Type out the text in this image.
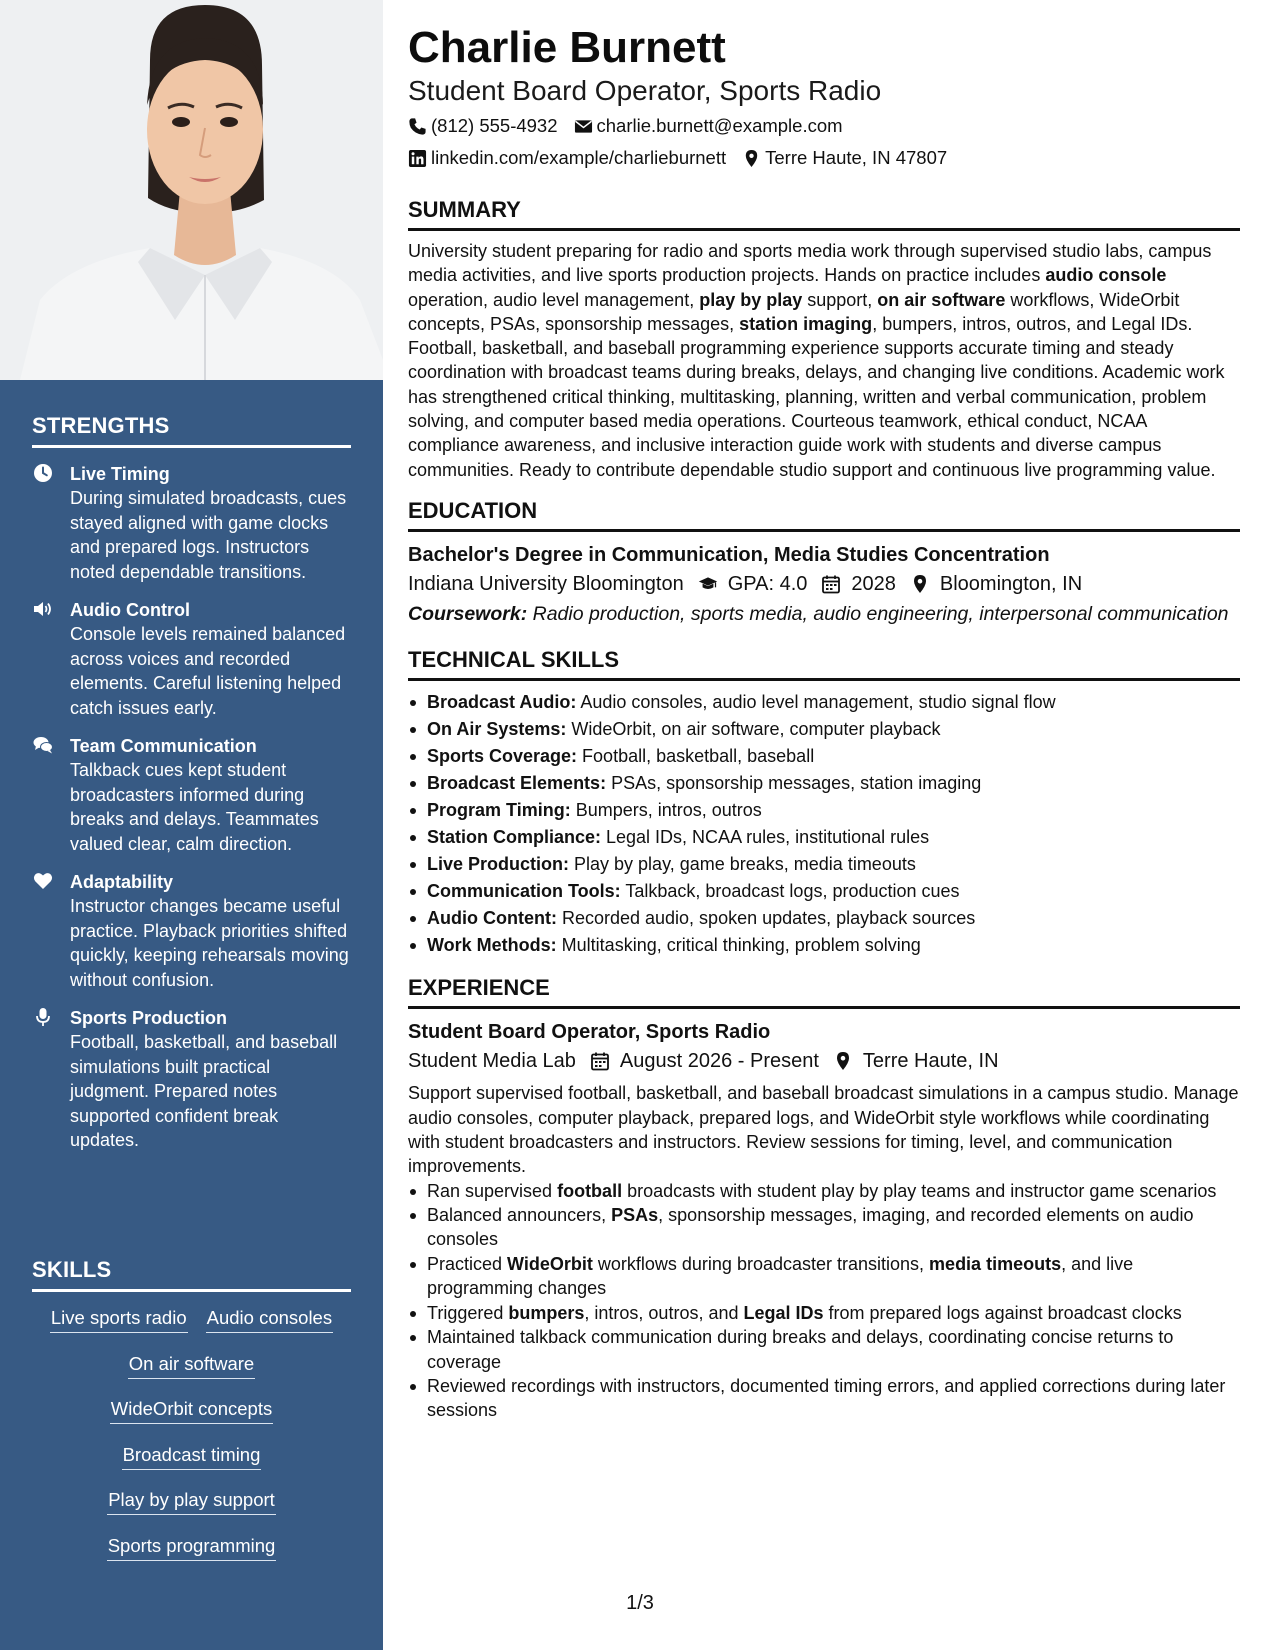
STRENGTHS
Live Timing
During simulated broadcasts, cues stayed aligned with game clocks and prepared logs. Instructors noted dependable transitions.
Audio Control
Console levels remained balanced across voices and recorded elements. Careful listening helped catch issues early.
Team Communication
Talkback cues kept student broadcasters informed during breaks and delays. Teammates valued clear, calm direction.
Adaptability
Instructor changes became useful practice. Playback priorities shifted quickly, keeping rehearsals moving without confusion.
Sports Production
Football, basketball, and baseball simulations built practical judgment. Prepared notes supported confident break updates.
SKILLS
Live sports radio Audio consoles
On air software
WideOrbit concepts
Broadcast timing
Play by play support
Sports programming
Charlie Burnett
Student Board Operator, Sports Radio
(812) 555-4932 charlie.burnett@example.com
linkedin.com/example/charlieburnett Terre Haute, IN 47807
SUMMARY
University student preparing for radio and sports media work through supervised studio labs, campus media activities, and live sports production projects. Hands on practice includes audio console operation, audio level management, play by play support, on air software workflows, WideOrbit concepts, PSAs, sponsorship messages, station imaging, bumpers, intros, outros, and Legal IDs. Football, basketball, and baseball programming experience supports accurate timing and steady coordination with broadcast teams during breaks, delays, and changing live conditions. Academic work has strengthened critical thinking, multitasking, planning, written and verbal communication, problem solving, and computer based media operations. Courteous teamwork, ethical conduct, NCAA compliance awareness, and inclusive interaction guide work with students and diverse campus communities. Ready to contribute dependable studio support and continuous live programming value.
EDUCATION
Bachelor's Degree in Communication, Media Studies Concentration
Indiana University Bloomington GPA: 4.0 2028 Bloomington, IN
Coursework: Radio production, sports media, audio engineering, interpersonal communication
TECHNICAL SKILLS
Broadcast Audio: Audio consoles, audio level management, studio signal flow
On Air Systems: WideOrbit, on air software, computer playback
Sports Coverage: Football, basketball, baseball
Broadcast Elements: PSAs, sponsorship messages, station imaging
Program Timing: Bumpers, intros, outros
Station Compliance: Legal IDs, NCAA rules, institutional rules
Live Production: Play by play, game breaks, media timeouts
Communication Tools: Talkback, broadcast logs, production cues
Audio Content: Recorded audio, spoken updates, playback sources
Work Methods: Multitasking, critical thinking, problem solving
EXPERIENCE
Student Board Operator, Sports Radio
Student Media Lab August 2026 - Present Terre Haute, IN
Support supervised football, basketball, and baseball broadcast simulations in a campus studio. Manage audio consoles, computer playback, prepared logs, and WideOrbit style workflows while coordinating with student broadcasters and instructors. Review sessions for timing, level, and communication improvements.
Ran supervised football broadcasts with student play by play teams and instructor game scenarios
Balanced announcers, PSAs, sponsorship messages, imaging, and recorded elements on audio consoles
Practiced WideOrbit workflows during broadcaster transitions, media timeouts, and live programming changes
Triggered bumpers, intros, outros, and Legal IDs from prepared logs against broadcast clocks
Maintained talkback communication during breaks and delays, coordinating concise returns to coverage
Reviewed recordings with instructors, documented timing errors, and applied corrections during later sessions
1/3
